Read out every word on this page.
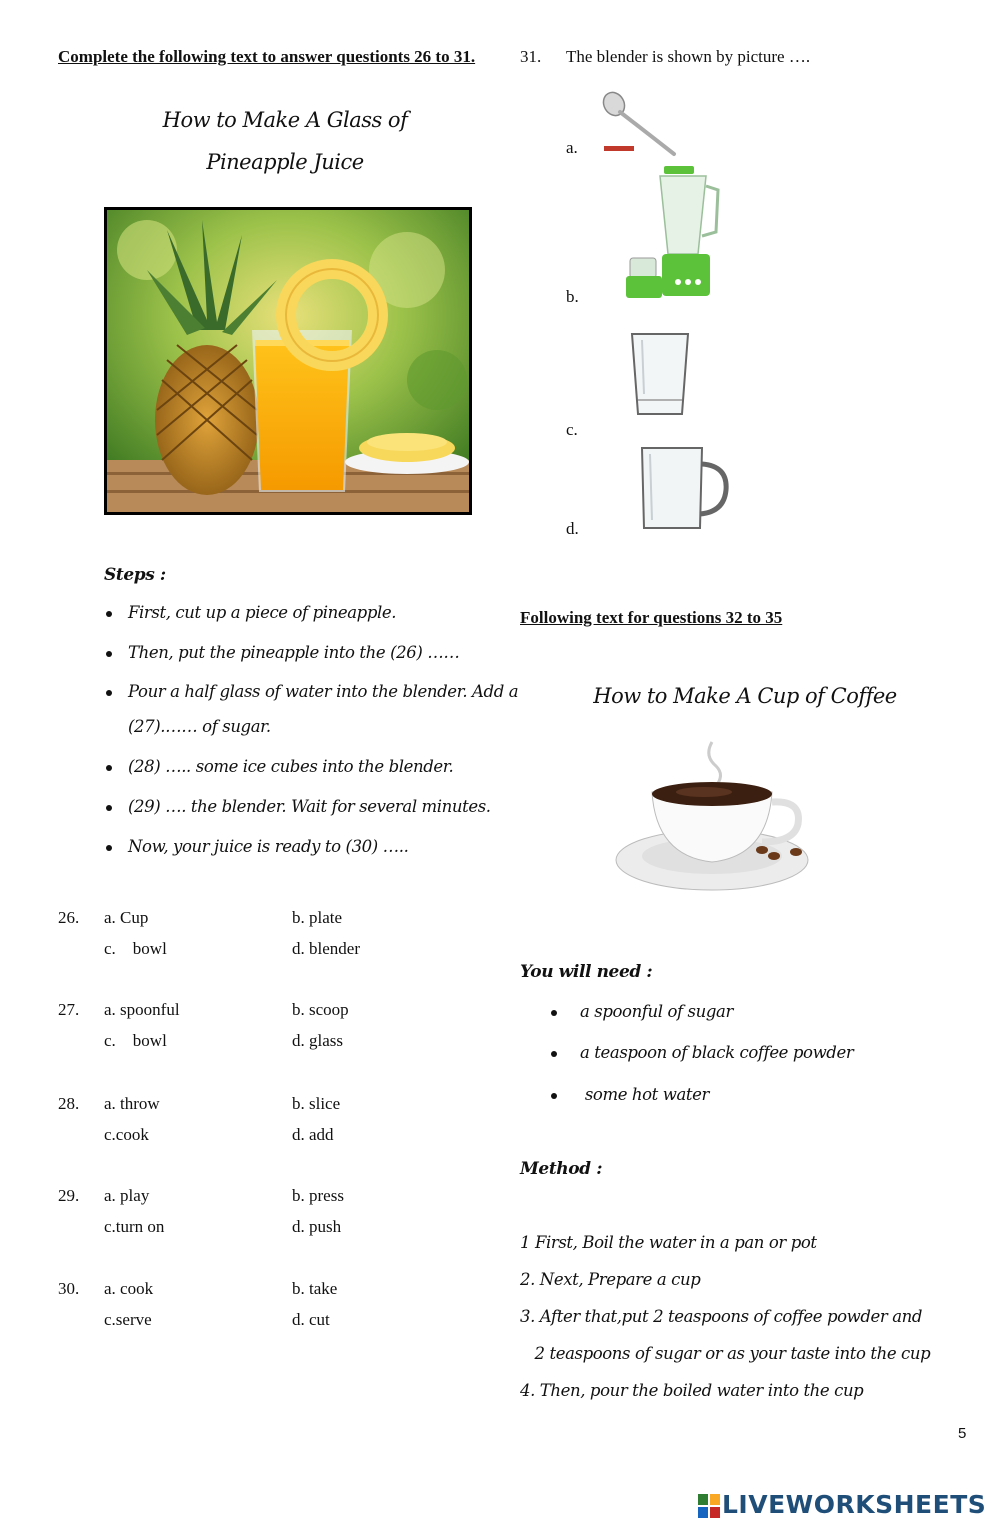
Complete the following text to answer questionts 26 to 31.
How to Make A Glass of
Pineapple Juice
Steps :
First, cut up a piece of pineapple.
Then, put the pineapple into the (26) ……
Pour a half glass of water into the blender. Add a
(27).…… of sugar.
(28) ….. some ice cubes into the blender.
(29) …. the blender. Wait for several minutes.
Now, your juice is ready to (30) …..
26. a. Cup	b. plate
c.    bowl	d. blender
27. a. spoonful	b. scoop
c.    bowl	d. glass
28. a. throw	b. slice
c.cook	d. add
29. a. play	b. press
c.turn on	d. push
30. a. cook	b. take
c.serve	d. cut
31. The blender is shown by picture ….
a.
b.
c.
d.
Following text for questions 32 to 35
How to Make A Cup of Coffee
You will need :
a spoonful of sugar
a teaspoon of black coffee powder
some hot water
Method :
1 First, Boil the water in a pan or pot
2. Next, Prepare a cup
3. After that,put 2 teaspoons of coffee powder and
2 teaspoons of sugar or as your taste into the cup
4. Then, pour the boiled water into the cup
5
LIVEWORKSHEETS
